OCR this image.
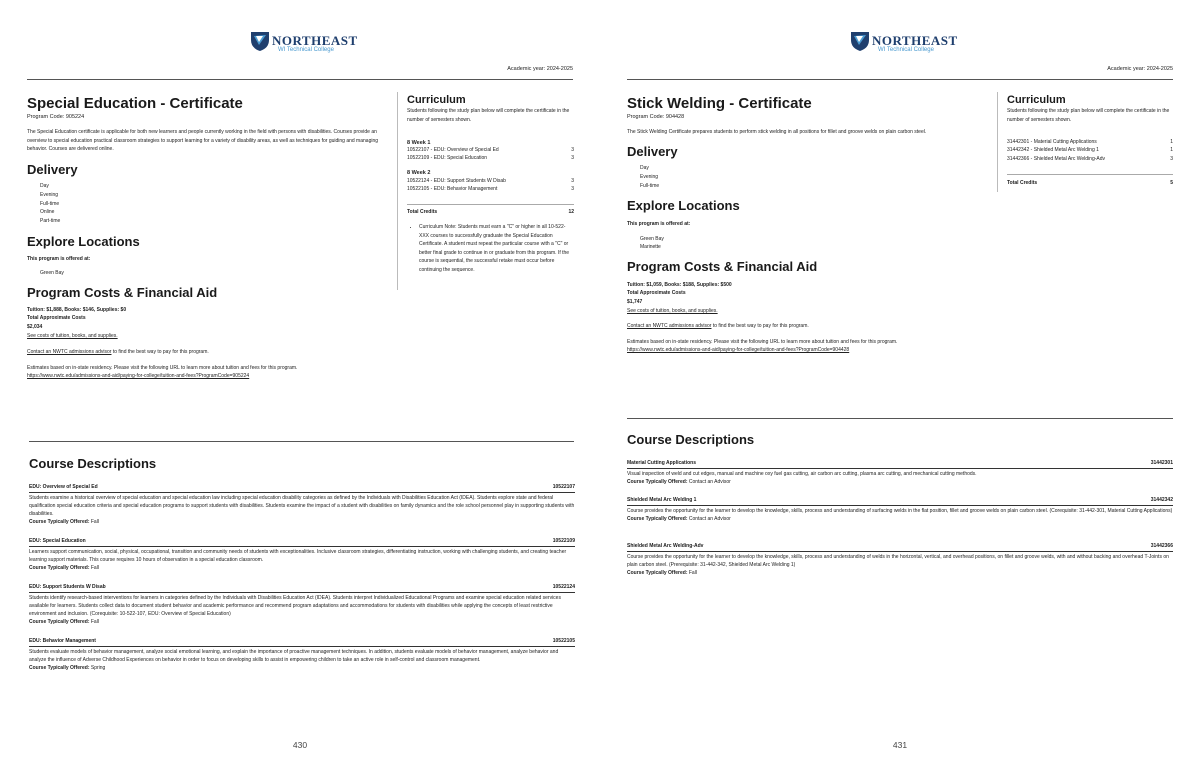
NORTHEAST
WI Technical College
Academic year: 2024-2025
Special Education - Certificate
Program Code: 905224
The Special Education certificate is applicable for both new learners and people currently working in the field with persons with disabilities. Courses provide an overview to special education practical classroom strategies to support learning for a variety of disability areas, as well as techniques for guiding and managing behavior. Courses are delivered online.
Delivery
Day
Evening
Full-time
Online
Part-time
Explore Locations
This program is offered at:
Green Bay
Program Costs & Financial Aid
Tuition: $1,888, Books: $146, Supplies: $0
Total Approximate Costs
$2,034
See costs of tuition, books, and supplies.
Contact an NWTC admissions advisor to find the best way to pay for this program.
Estimates based on in-state residency. Please visit the following URL to learn more about tuition and fees for this program.
https://www.nwtc.edu/admissions-and-aid/paying-for-college/tuition-and-fees?ProgramCode=905224
Curriculum
Students following the study plan below will complete the certificate in the number of semesters shown.
8 Week 1
10522107 - EDU: Overview of Special Ed	3
10522109 - EDU: Special Education	3
8 Week 2
10522124 - EDU: Support Students W Disab	3
10522105 - EDU: Behavior Management	3
Total Credits	12
• Curriculum Note: Students must earn a "C" or higher in all 10-522-XXX courses to successfully graduate the Special Education Certificate. A student must repeat the particular course with a "C" or better final grade to continue in or graduate from this program. If the course is sequential, the successful retake must occur before continuing the sequence.
Course Descriptions
EDU: Overview of Special Ed	10522107
Students examine a historical overview of special education and special education law including special education disability categories as defined by the Individuals with Disabilities Education Act (IDEA). Students explore state and federal qualification special education criteria and special education programs to support students with disabilities. Students examine the impact of a student with disabilities on family dynamics and the role school personnel play in supporting students with disabilities.
Course Typically Offered: Fall
EDU: Special Education	10522109
Learners support communication, social, physical, occupational, transition and community needs of students with exceptionalities. Inclusive classroom strategies, differentiating instruction, working with challenging students, and creating teacher learning support materials. This course requires 10 hours of observation in a special education classroom.
Course Typically Offered: Fall
EDU: Support Students W Disab	10522124
Students identify research-based interventions for learners in categories defined by the Individuals with Disabilities Education Act (IDEA). Students interpret Individualized Educational Programs and examine special education related services available for learners. Students collect data to document student behavior and academic performance and recommend program adaptations and accommodations for students with disabilities while applying the concepts of least restrictive environment and inclusion. (Corequisite: 10-522-107, EDU: Overview of Special Education)
Course Typically Offered: Fall
EDU: Behavior Management	10522105
Students evaluate models of behavior management, analyze social emotional learning, and explain the importance of proactive management techniques. In addition, students evaluate models of behavior management, analyze behavior and analyze the influence of Adverse Childhood Experiences on behavior in order to focus on developing skills to assist in empowering children to take an active role in self-control and classroom management.
Course Typically Offered: Spring
430
NORTHEAST
WI Technical College
Academic year: 2024-2025
Stick Welding - Certificate
Program Code: 904428
The Stick Welding Certificate prepares students to perform stick welding in all positions for fillet and groove welds on plain carbon steel.
Delivery
Day
Evening
Full-time
Explore Locations
This program is offered at:
Green Bay
Marinette
Program Costs & Financial Aid
Tuition: $1,059, Books: $188, Supplies: $500
Total Approximate Costs
$1,747
See costs of tuition, books, and supplies.
Contact an NWTC admissions advisor to find the best way to pay for this program.
Estimates based on in-state residency. Please visit the following URL to learn more about tuition and fees for this program.
https://www.nwtc.edu/admissions-and-aid/paying-for-college/tuition-and-fees?ProgramCode=904428
Curriculum
Students following the study plan below will complete the certificate in the number of semesters shown.
31442301 - Material Cutting Applications	1
31442342 - Shielded Metal Arc Welding 1	1
31442366 - Shielded Metal Arc Welding-Adv	3
Total Credits	5
Course Descriptions
Material Cutting Applications	31442301
Visual inspection of weld and cut edges, manual and machine oxy fuel gas cutting, air carbon arc cutting, plasma arc cutting, and mechanical cutting methods.
Course Typically Offered: Contact an Advisor
Shielded Metal Arc Welding 1	31442342
Course provides the opportunity for the learner to develop the knowledge, skills, process and understanding of surfacing welds in the flat position, fillet and groove welds on plain carbon steel. (Corequisite: 31-442-301, Material Cutting Applications)
Course Typically Offered: Contact an Advisor
Shielded Metal Arc Welding-Adv	31442366
Course provides the opportunity for the learner to develop the knowledge, skills, process and understanding of welds in the horizontal, vertical, and overhead positions, on fillet and groove welds, with and without backing and overhead T-Joints on plain carbon steel. (Prerequisite: 31-442-342, Shielded Metal Arc Welding 1)
Course Typically Offered: Fall
431
